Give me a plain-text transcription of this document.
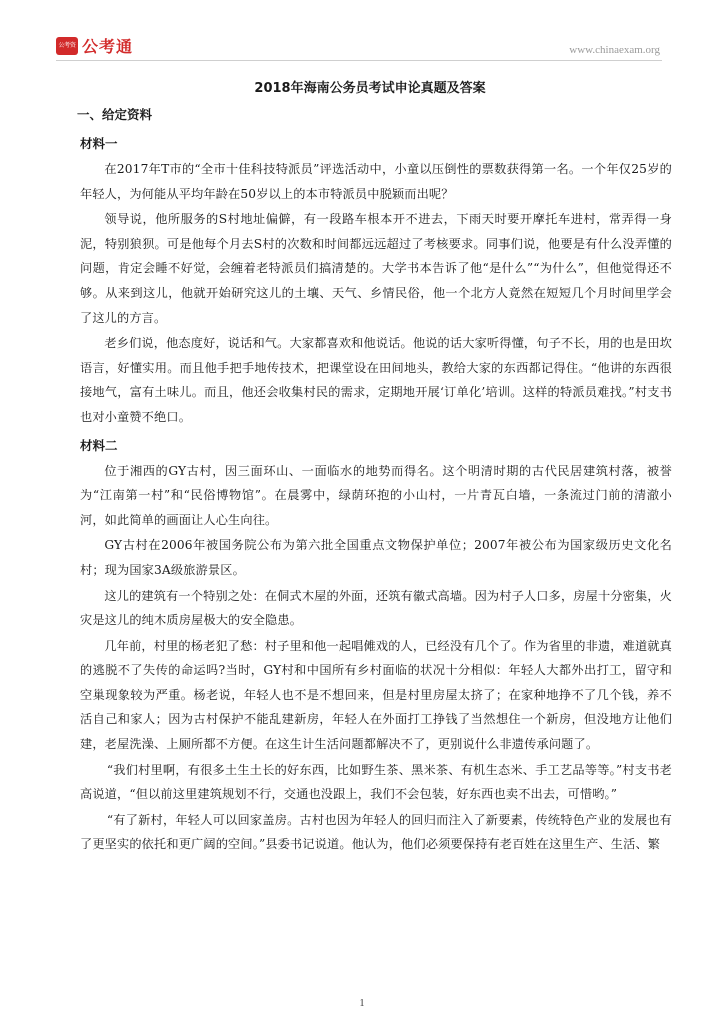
公考资讯
公考通	www.chinaexam.org
2018年海南公务员考试申论真题及答案
一、给定资料
材料一

在2017年T市的“全市十佳科技特派员”评选活动中，小童以压倒性的票数获得第一名。一个年仅25岁的年轻人，为何能从平均年龄在50岁以上的本市特派员中脱颖而出呢？

领导说，他所服务的S村地址偏僻，有一段路车根本开不进去，下雨天时要开摩托车进村，常弄得一身泥，特别狼狈。可是他每个月去S村的次数和时间都远远超过了考核要求。同事们说，他要是有什么没弄懂的问题，肯定会睡不好觉，会缠着老特派员们搞清楚的。大学书本告诉了他“是什么”“为什么”，但他觉得还不够。从来到这儿，他就开始研究这儿的土壤、天气、乡情民俗，他一个北方人竟然在短短几个月时间里学会了这儿的方言。

老乡们说，他态度好，说话和气。大家都喜欢和他说话。他说的话大家听得懂，句子不长，用的也是田坎语言，好懂实用。而且他手把手地传技术，把课堂设在田间地头，教给大家的东西都记得住。“他讲的东西很接地气，富有土味儿。而且，他还会收集村民的需求，定期地开展‘订单化’培训。这样的特派员难找。”村支书也对小童赞不绝口。

材料二

位于湘西的GY古村，因三面环山、一面临水的地势而得名。这个明清时期的古代民居建筑村落，被誉为“江南第一村”和“民俗博物馆”。在晨雾中，绿荫环抱的小山村，一片青瓦白墙，一条流过门前的清澈小河，如此简单的画面让人心生向往。

GY古村在2006年被国务院公布为第六批全国重点文物保护单位；2007年被公布为国家级历史文化名村；现为国家3A级旅游景区。

这儿的建筑有一个特别之处：在侗式木屋的外面，还筑有徽式高墙。因为村子人口多，房屋十分密集，火灾是这儿的纯木质房屋极大的安全隐患。

几年前，村里的杨老犯了愁：村子里和他一起唱傩戏的人，已经没有几个了。作为省里的非遗，难道就真的逃脱不了失传的命运吗?当时，GY村和中国所有乡村面临的状况十分相似：年轻人大都外出打工，留守和空巢现象较为严重。杨老说，年轻人也不是不想回来，但是村里房屋太挤了；在家种地挣不了几个钱，养不活自己和家人；因为古村保护不能乱建新房，年轻人在外面打工挣钱了当然想住一个新房，但没地方让他们建，老屋洗澡、上厕所都不方便。在这生计生活问题都解决不了，更别说什么非遗传承问题了。

“我们村里啊，有很多土生土长的好东西，比如野生茶、黑米茶、有机生态米、手工艺品等等。”村支书老高说道，“但以前这里建筑规划不行，交通也没跟上，我们不会包装，好东西也卖不出去，可惜哟。”

“有了新村，年轻人可以回家盖房。古村也因为年轻人的回归而注入了新要素，传统特色产业的发展也有了更坚实的依托和更广阔的空间。”县委书记说道。他认为，他们必须要保持有老百姓在这里生产、生活、繁

1
